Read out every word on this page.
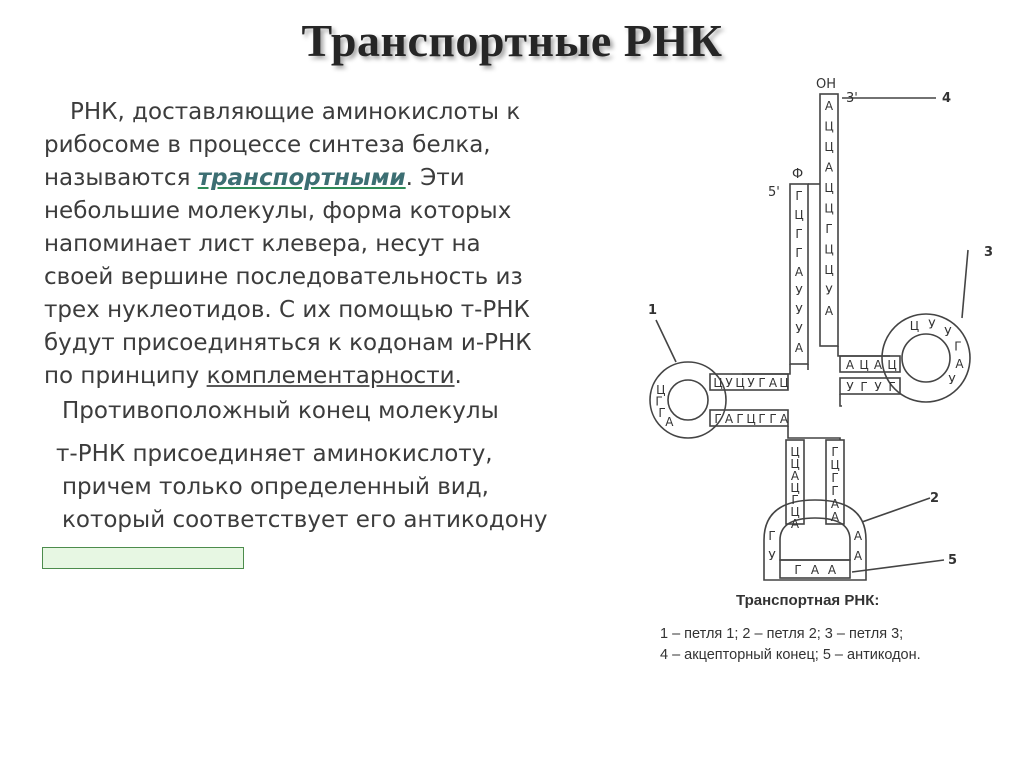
Транспортные РНК
РНК, доставляющие аминокислоты к
рибосоме в процессе синтеза белка,
называются транспортными. Эти
небольшие молекулы, форма которых
напоминает лист клевера, несут на
своей вершине последовательность из
трех нуклеотидов. С их помощью т-РНК
будут присоединяться к кодонам и-РНК
по принципу комплементарности.
Противоположный конец молекулы
т-РНК присоединяет аминокислоту,
причем только определенный вид,
который соответствует его антикодону
А
Ц
Ц
А
Ц
Ц
Г
Ц
Ц
У
А
Г
Ц
Г
Г
А
У
У
У
А
Ц У Ц У Г А Ц
Г А Г Ц Г Г А
Ц
Г
Г
А
А Ц А Ц
У Г У Г
Ц У
У
Г
А
У
Ц
Ц
А
Ц
Г
Ц
А
Г
Ц
Г
Г
А
А
Г
У
А
А
Г А А
OH
3'
5'
Ф
4
3
1
2
5
Транспортная РНК:
1 – петля 1; 2 – петля 2; 3 – петля 3;
4 – акцепторный конец; 5 – антикодон.
